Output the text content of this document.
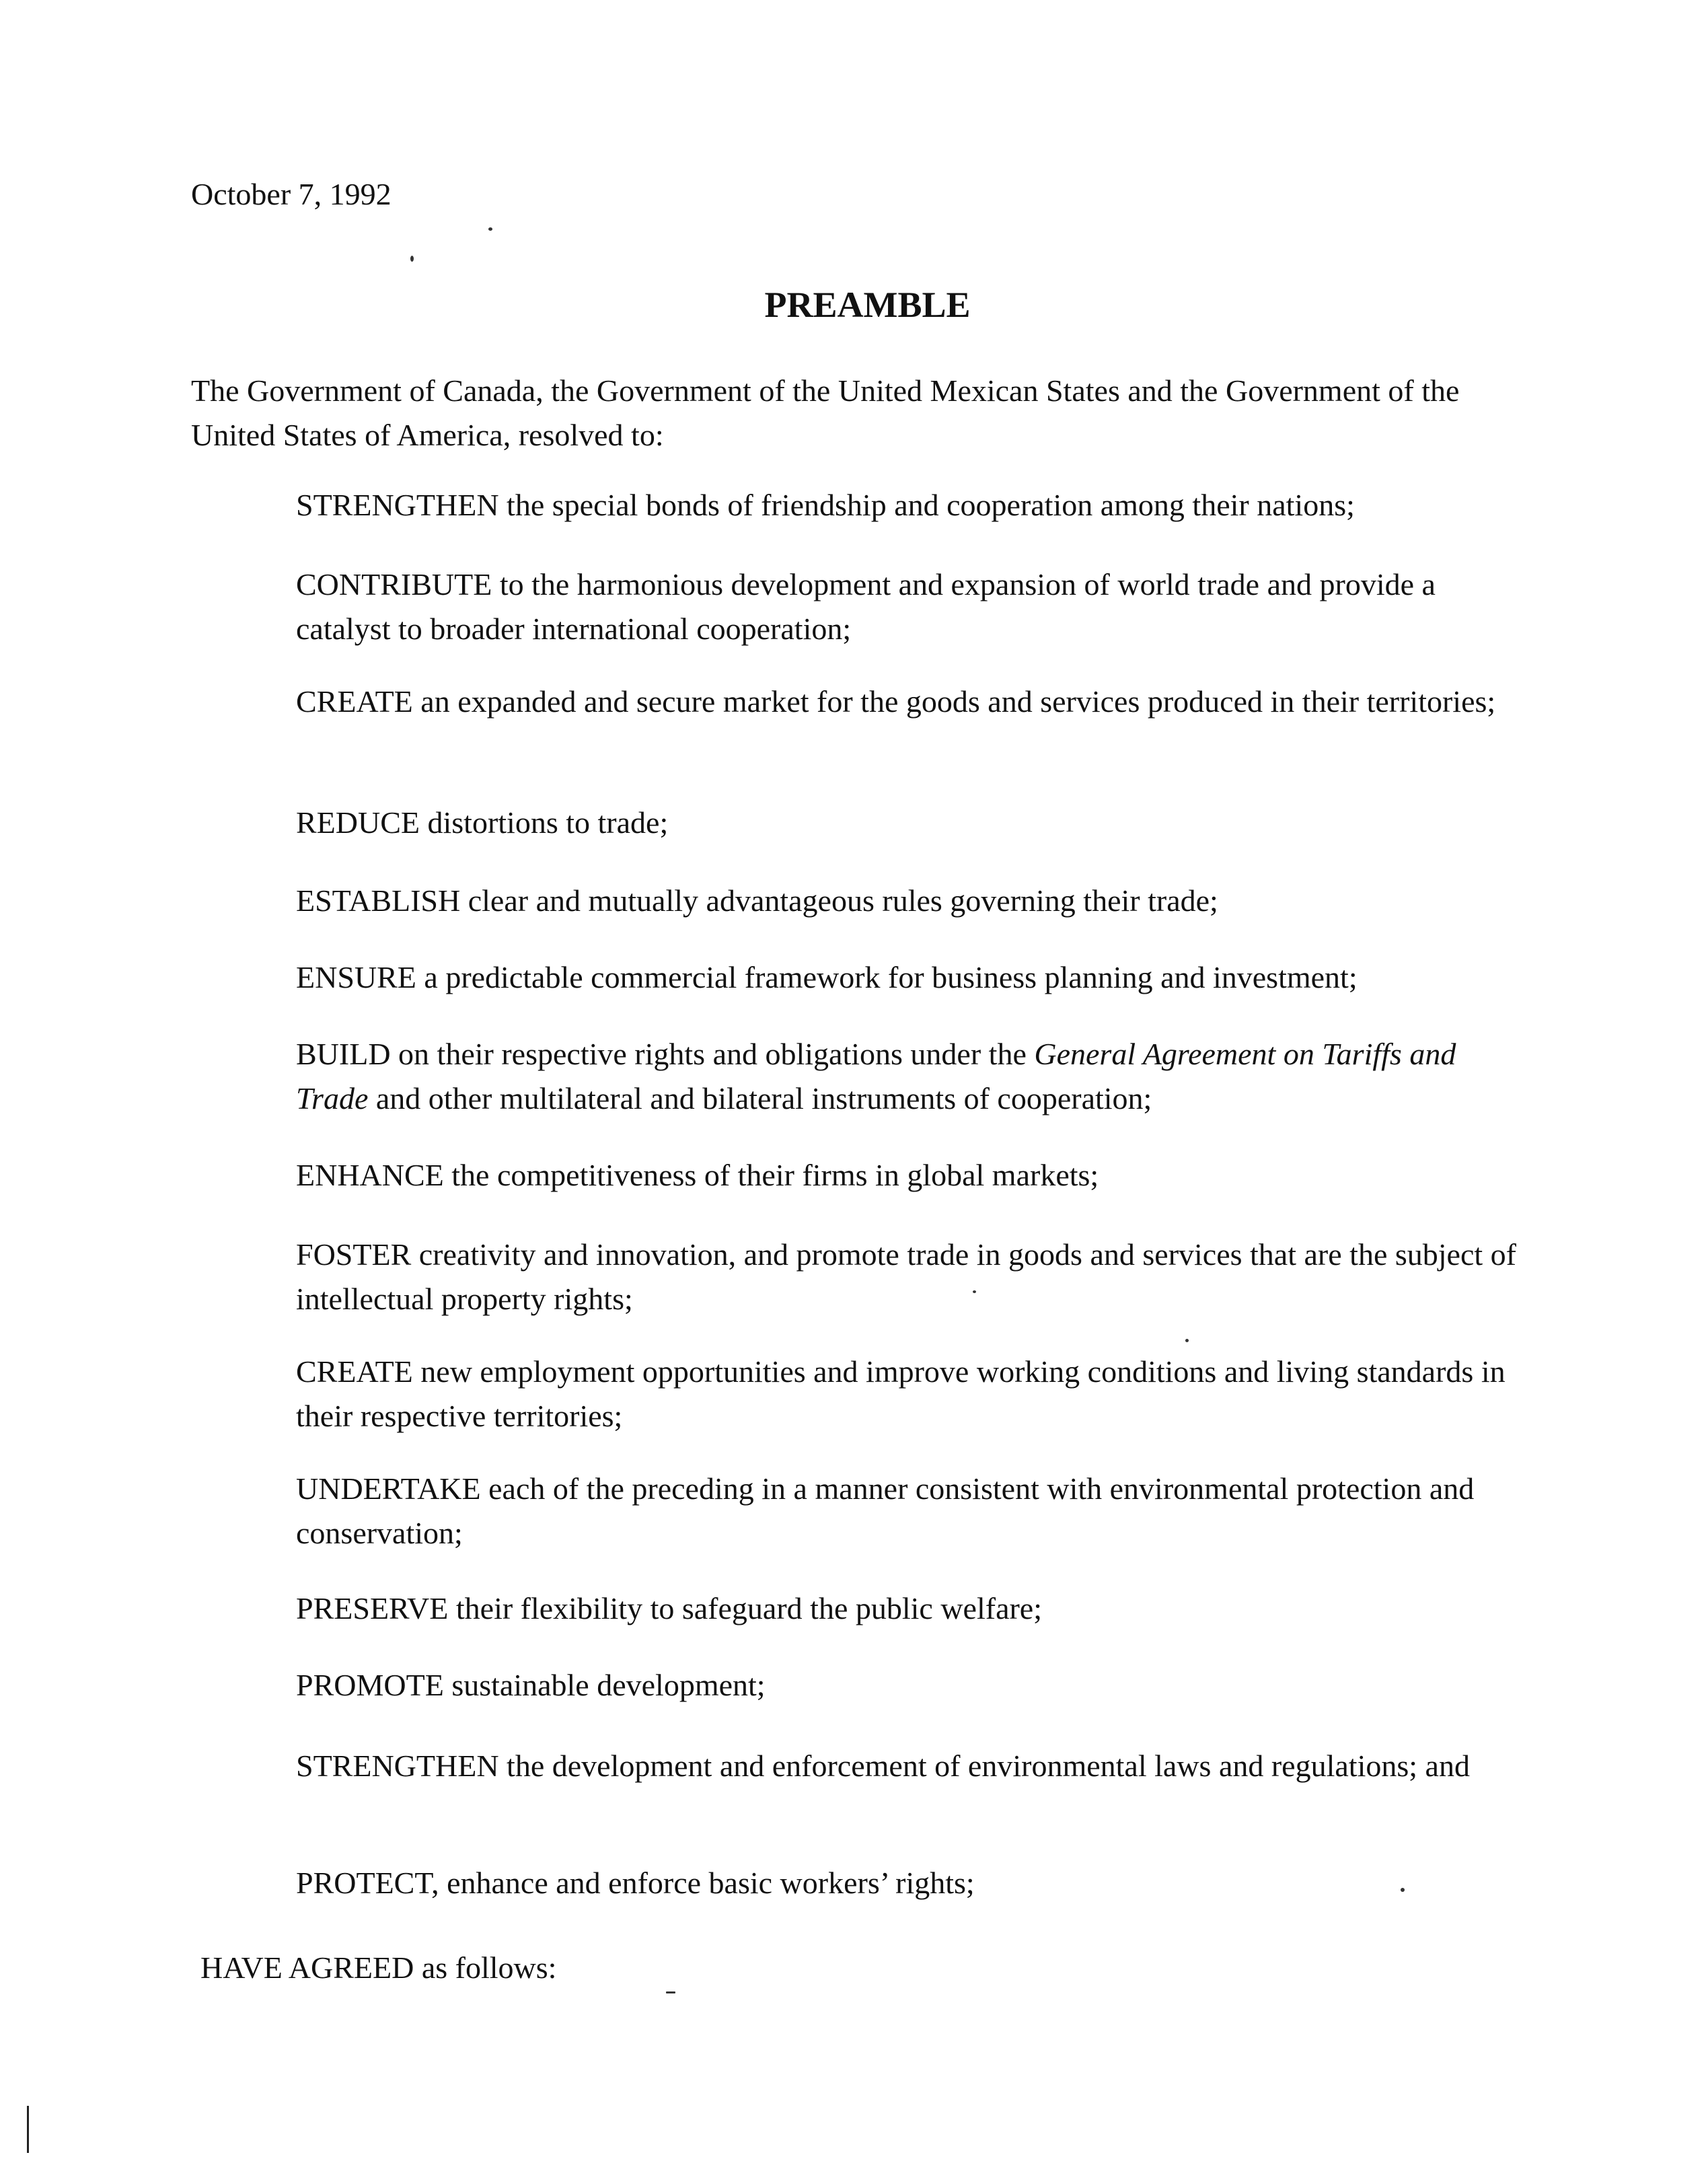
October 7, 1992
PREAMBLE
The Government of Canada, the Government of the United Mexican States and the Government of the United States of America, resolved to:

STRENGTHEN the special bonds of friendship and cooperation among their nations;

CONTRIBUTE to the harmonious development and expansion of world trade and provide a catalyst to broader international cooperation;

CREATE an expanded and secure market for the goods and services produced in their territories;

REDUCE distortions to trade;

ESTABLISH clear and mutually advantageous rules governing their trade;

ENSURE a predictable commercial framework for business planning and investment;

BUILD on their respective rights and obligations under the General Agreement on Tariffs and Trade and other multilateral and bilateral instruments of cooperation;

ENHANCE the competitiveness of their firms in global markets;

FOSTER creativity and innovation, and promote trade in goods and services that are the subject of intellectual property rights;

CREATE new employment opportunities and improve working conditions and living standards in their respective territories;

UNDERTAKE each of the preceding in a manner consistent with environmental protection and conservation;

PRESERVE their flexibility to safeguard the public welfare;

PROMOTE sustainable development;

STRENGTHEN the development and enforcement of environmental laws and regulations; and

PROTECT, enhance and enforce basic workers’ rights;

HAVE AGREED as follows:
